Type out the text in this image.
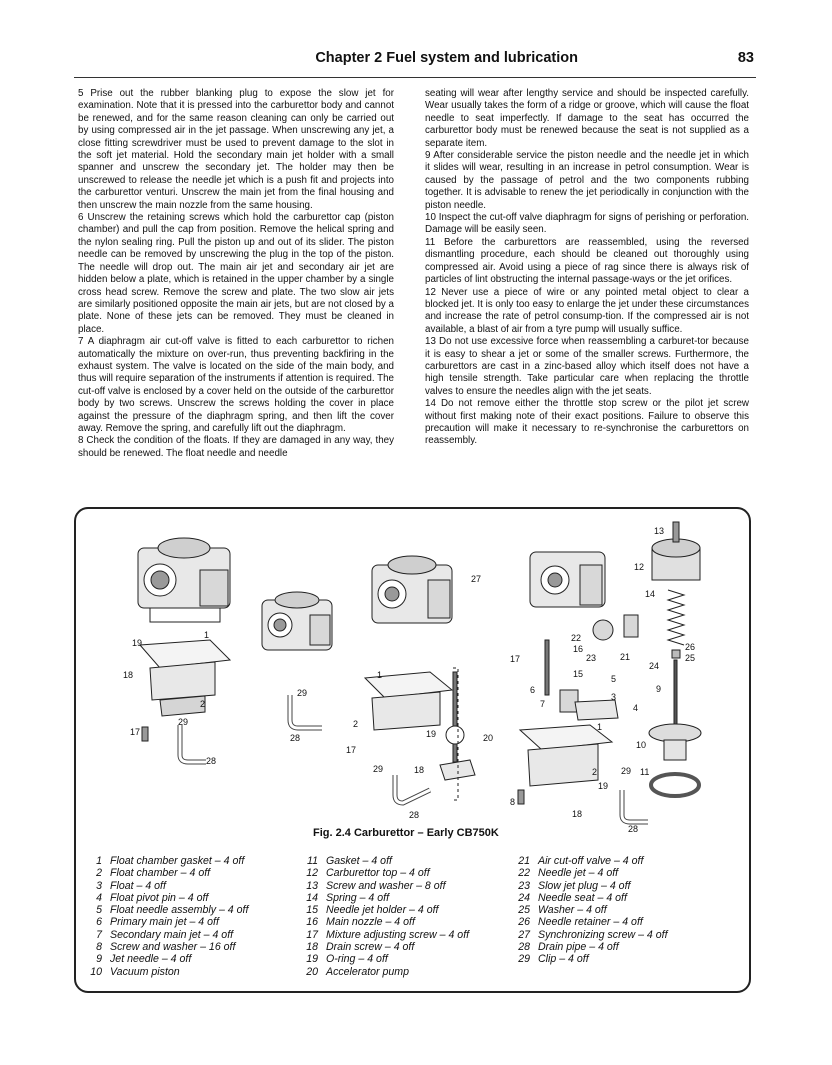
Chapter 2 Fuel system and lubrication	83

5 Prise out the rubber blanking plug to expose the slow jet for examination. Note that it is pressed into the carburettor body and cannot be renewed, and for the same reason cleaning can only be carried out by using compressed air in the jet passage. When unscrewing any jet, a close fitting screwdriver must be used to prevent damage to the slot in the soft jet material. Hold the secondary main jet holder with a small spanner and unscrew the secondary jet. The holder may then be unscrewed to release the needle jet which is a push fit and projects into the carburettor venturi. Unscrew the main jet from the final housing and then unscrew the main nozzle from the same housing.

6 Unscrew the retaining screws which hold the carburettor cap (piston chamber) and pull the cap from position. Remove the helical spring and the nylon sealing ring. Pull the piston up and out of its slider. The piston needle can be removed by unscrewing the plug in the top of the piston. The needle will drop out. The main air jet and secondary air jet are hidden below a plate, which is retained in the upper chamber by a single cross head screw. Remove the screw and plate. The two slow air jets are similarly positioned opposite the main air jets, but are not closed by a plate. None of these jets can be removed. They must be cleaned in place.

7 A diaphragm air cut-off valve is fitted to each carburettor to richen automatically the mixture on over-run, thus preventing backfiring in the exhaust system. The valve is located on the side of the main body, and thus will require separation of the instruments if attention is required. The cut-off valve is enclosed by a cover held on the outside of the carburettor body by two screws. Unscrew the screws holding the cover in place against the pressure of the diaphragm spring, and then lift the cover away. Remove the spring, and carefully lift out the diaphragm.

8 Check the condition of the floats. If they are damaged in any way, they should be renewed. The float needle and needle

seating will wear after lengthy service and should be inspected carefully. Wear usually takes the form of a ridge or groove, which will cause the float needle to seat imperfectly. If damage to the seat has occurred the carburettor body must be renewed because the seat is not supplied as a separate item.

9 After considerable service the piston needle and the needle jet in which it slides will wear, resulting in an increase in petrol consumption. Wear is caused by the passage of petrol and the two components rubbing together. It is advisable to renew the jet periodically in conjunction with the piston needle.

10 Inspect the cut-off valve diaphragm for signs of perishing or perforation. Damage will be easily seen.

11 Before the carburettors are reassembled, using the reversed dismantling procedure, each should be cleaned out thoroughly using compressed air. Avoid using a piece of rag since there is always risk of particles of lint obstructing the internal passage-ways or the jet orifices.

12 Never use a piece of wire or any pointed metal object to clear a blocked jet. It is only too easy to enlarge the jet under these circumstances and increase the rate of petrol consump-tion. If the compressed air is not available, a blast of air from a tyre pump will usually suffice.

13 Do not use excessive force when reassembling a carburet-tor because it is easy to shear a jet or some of the smaller screws. Furthermore, the carburettors are cast in a zinc-based alloy which itself does not have a high tensile strength. Take particular care when replacing the throttle valves to ensure the needles align with the jet seats.

14 Do not remove either the throttle stop screw or the pilot jet screw without first making note of their exact positions. Failure to observe this precaution will make it necessary to re-synchronise the carburettors on reassembly.

1
1
1
2
2
2
3
4
5
6
7
8
9
10
11
12
13
14
15
16
17
17
17
18
18
18
19
19
19
20
21
22
23
24
25
26
27
28
28
28
28
29
29
29	29
Fig. 2.4 Carburettor – Early CB750K
1 Float chamber gasket – 4 off
2 Float chamber – 4 off
3 Float – 4 off
4 Float pivot pin – 4 off
5 Float needle assembly – 4 off
6 Primary main jet – 4 off
7 Secondary main jet – 4 off
8 Screw and washer – 16 off
9 Jet needle – 4 off
10 Vacuum piston
11 Gasket – 4 off
12 Carburettor top – 4 off
13 Screw and washer – 8 off
14 Spring – 4 off
15 Needle jet holder – 4 off
16 Main nozzle – 4 off
17 Mixture adjusting screw – 4 off
18 Drain screw – 4 off
19 O-ring – 4 off
20 Accelerator pump
21 Air cut-off valve – 4 off
22 Needle jet – 4 off
23 Slow jet plug – 4 off
24 Needle seat – 4 off
25 Washer – 4 off
26 Needle retainer – 4 off
27 Synchronizing screw – 4 off
28 Drain pipe – 4 off
29 Clip – 4 off
